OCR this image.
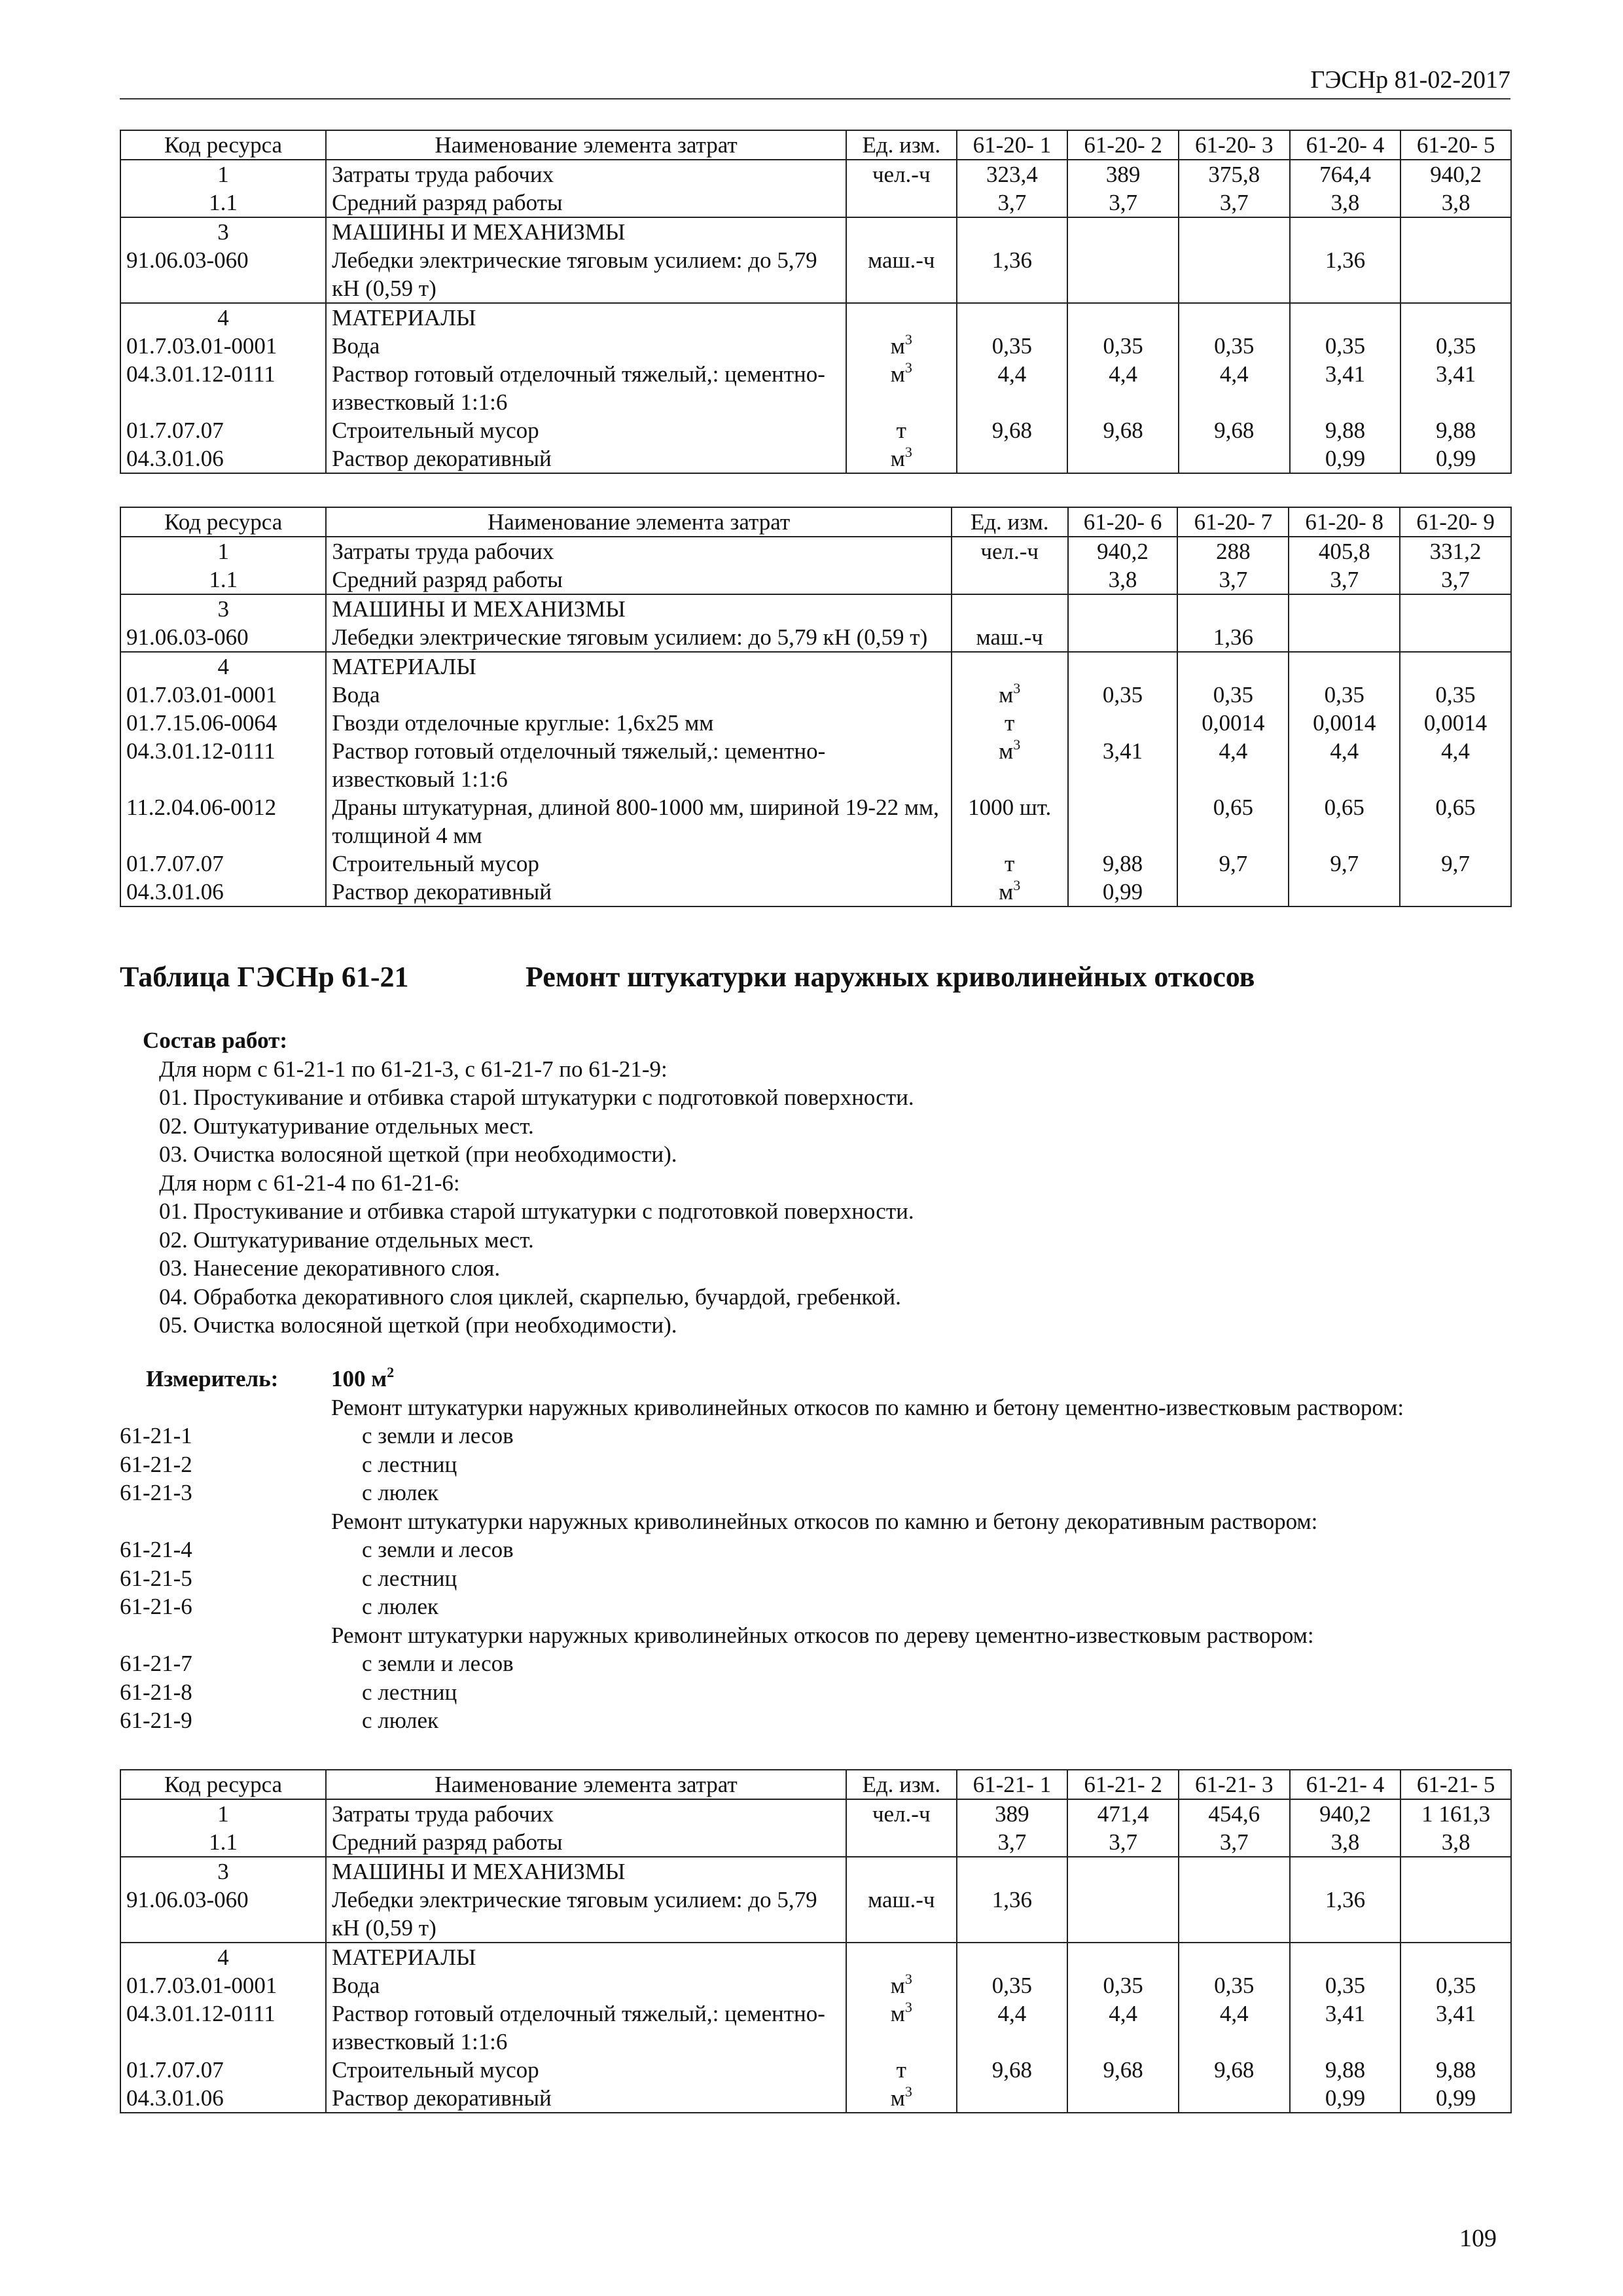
ГЭСНр 81-02-2017
Код ресурса	Наименование элемента затрат	Ед. изм.	61-20- 1	61-20- 2	61-20- 3	61-20- 4	61-20- 5
1	Затраты труда рабочих	чел.-ч	323,4	389	375,8	764,4	940,2
1.1	Средний разряд работы		3,7	3,7	3,7	3,8	3,8
3	МАШИНЫ И МЕХАНИЗМЫ						
91.06.03-060	Лебедки электрические тяговым усилием: до 5,79 кН (0,59 т)	маш.-ч	1,36			1,36	
4	МАТЕРИАЛЫ						
01.7.03.01-0001	Вода	$м^3$	0,35	0,35	0,35	0,35	0,35
04.3.01.12-0111	Раствор готовый отделочный тяжелый,: цементно-известковый 1:1:6	$м^3$	4,4	4,4	4,4	3,41	3,41
01.7.07.07	Строительный мусор	т	9,68	9,68	9,68	9,88	9,88
04.3.01.06	Раствор декоративный	$м^3$				0,99	0,99
Код ресурса	Наименование элемента затрат	Ед. изм.	61-20- 6	61-20- 7	61-20- 8	61-20- 9
1	Затраты труда рабочих	чел.-ч	940,2	288	405,8	331,2
1.1	Средний разряд работы		3,8	3,7	3,7	3,7
3	МАШИНЫ И МЕХАНИЗМЫ					
91.06.03-060	Лебедки электрические тяговым усилием: до 5,79 кН (0,59 т)	маш.-ч		1,36		
4	МАТЕРИАЛЫ					
01.7.03.01-0001	Вода	$м^3$	0,35	0,35	0,35	0,35
01.7.15.06-0064	Гвозди отделочные круглые: 1,6х25 мм	т		0,0014	0,0014	0,0014
04.3.01.12-0111	Раствор готовый отделочный тяжелый,: цементно-известковый 1:1:6	$м^3$	3,41	4,4	4,4	4,4
11.2.04.06-0012	Драны штукатурная, длиной 800-1000 мм, шириной 19-22 мм, толщиной 4 мм	1000 шт.		0,65	0,65	0,65
01.7.07.07	Строительный мусор	т	9,88	9,7	9,7	9,7
04.3.01.06	Раствор декоративный	$м^3$	0,99			
Таблица ГЭСНр 61-21	Ремонт штукатурки наружных криволинейных откосов
Состав работ:
Для норм с 61-21-1 по 61-21-3, с 61-21-7 по 61-21-9:
01. Простукивание и отбивка старой штукатурки с подготовкой поверхности.
02. Оштукатуривание отдельных мест.
03. Очистка волосяной щеткой (при необходимости).
Для норм с 61-21-4 по 61-21-6:
01. Простукивание и отбивка старой штукатурки с подготовкой поверхности.
02. Оштукатуривание отдельных мест.
03. Нанесение декоративного слоя.
04. Обработка декоративного слоя циклей, скарпелью, бучардой, гребенкой.
05. Очистка волосяной щеткой (при необходимости).
Измеритель:	100 $м^2$
Ремонт штукатурки наружных криволинейных откосов по камню и бетону цементно-известковым раствором:
61-21-1	с земли и лесов
61-21-2	с лестниц
61-21-3	с люлек
Ремонт штукатурки наружных криволинейных откосов по камню и бетону декоративным раствором:
61-21-4	с земли и лесов
61-21-5	с лестниц
61-21-6	с люлек
Ремонт штукатурки наружных криволинейных откосов по дереву цементно-известковым раствором:
61-21-7	с земли и лесов
61-21-8	с лестниц
61-21-9	с люлек
Код ресурса	Наименование элемента затрат	Ед. изм.	61-21- 1	61-21- 2	61-21- 3	61-21- 4	61-21- 5
1	Затраты труда рабочих	чел.-ч	389	471,4	454,6	940,2	1 161,3
1.1	Средний разряд работы		3,7	3,7	3,7	3,8	3,8
3	МАШИНЫ И МЕХАНИЗМЫ						
91.06.03-060	Лебедки электрические тяговым усилием: до 5,79 кН (0,59 т)	маш.-ч	1,36			1,36	
4	МАТЕРИАЛЫ						
01.7.03.01-0001	Вода	$м^3$	0,35	0,35	0,35	0,35	0,35
04.3.01.12-0111	Раствор готовый отделочный тяжелый,: цементно-известковый 1:1:6	$м^3$	4,4	4,4	4,4	3,41	3,41
01.7.07.07	Строительный мусор	т	9,68	9,68	9,68	9,88	9,88
04.3.01.06	Раствор декоративный	$м^3$				0,99	0,99
109
